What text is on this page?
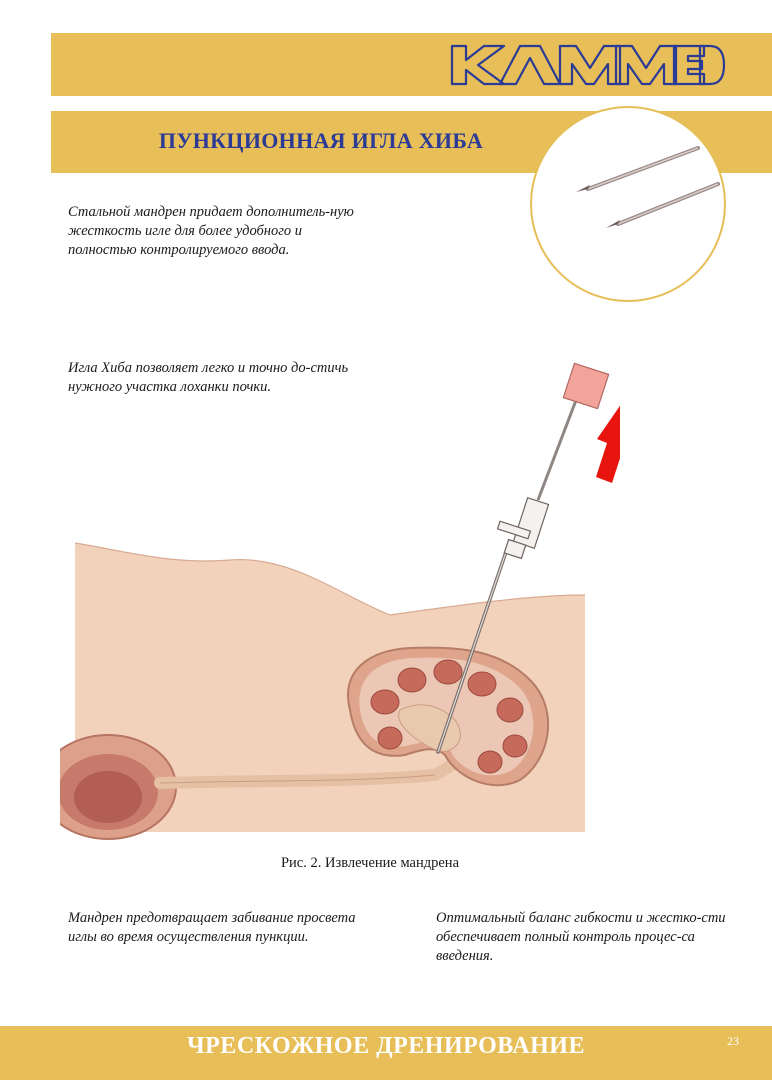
ПУНКЦИОННАЯ ИГЛА ХИБА

Стальной мандрен придает дополнитель-ную жесткость игле для более удобного и полностью контролируемого ввода.

Игла Хиба позволяет легко и точно до-стичь нужного участка лоханки почки.

Рис. 2. Извлечение мандрена

Мандрен предотвращает забивание просвета иглы во время осуществления пункции.

Оптимальный баланс гибкости и жестко-сти обеспечивает полный контроль процес-са введения.

ЧРЕСКОЖНОЕ ДРЕНИРОВАНИЕ	23
